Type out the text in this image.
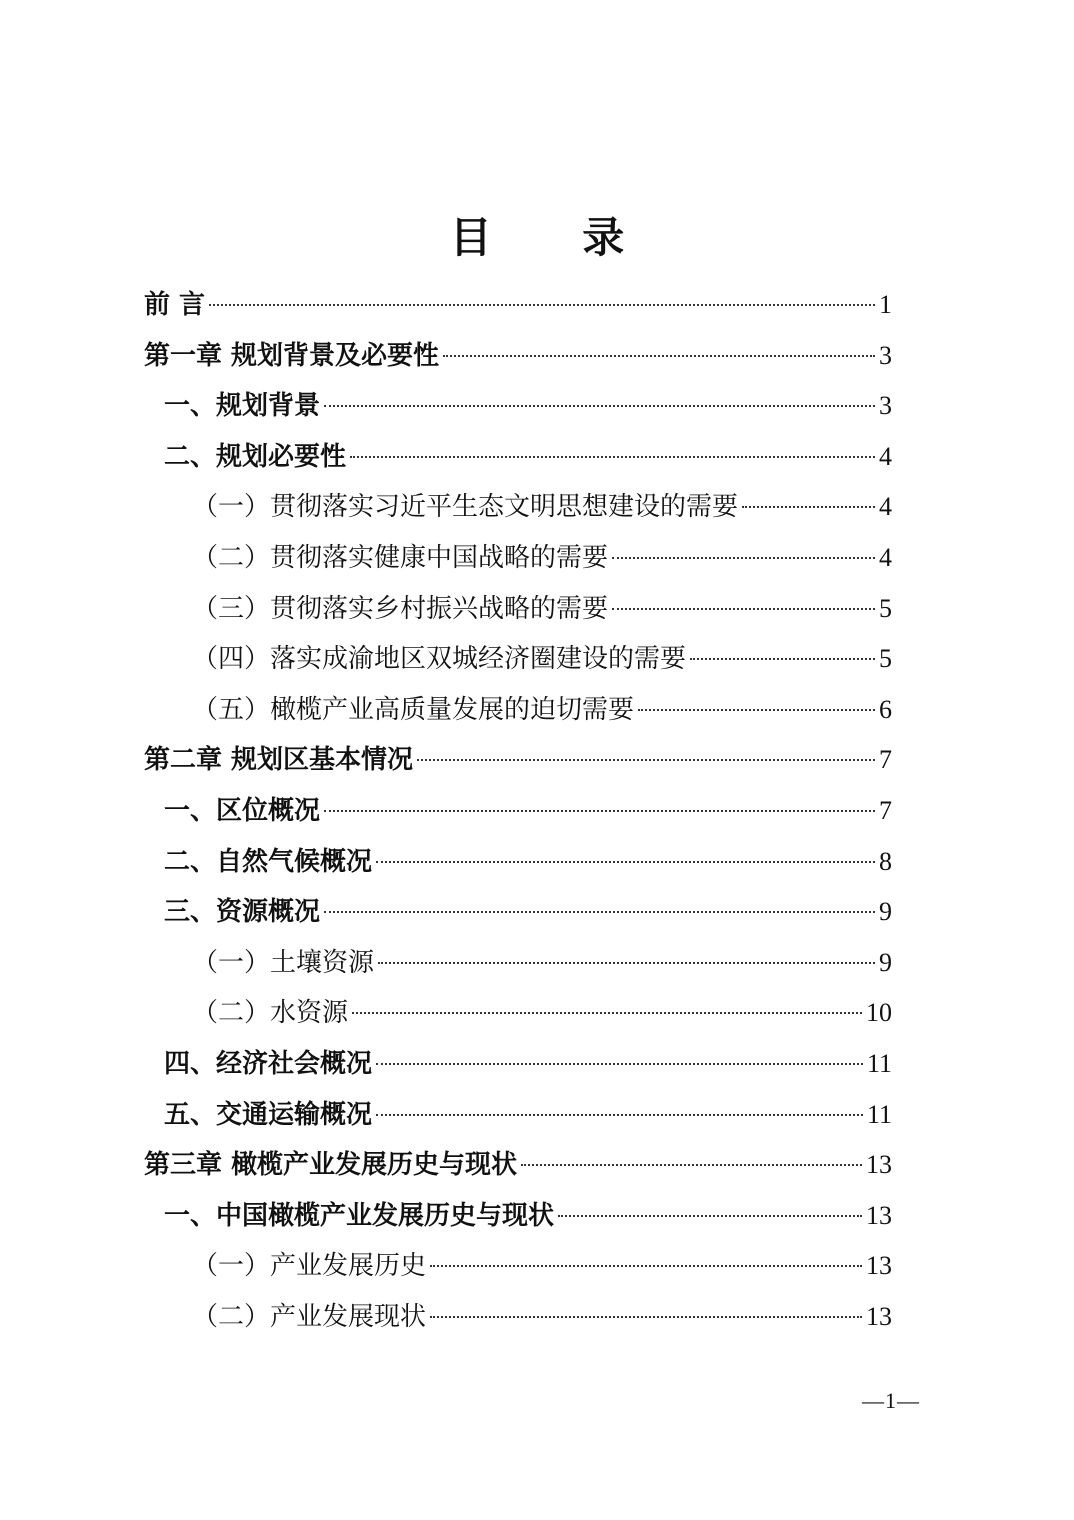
目 录
前 言	1
第一章 规划背景及必要性	3
一、规划背景	3
二、规划必要性	4
（一）贯彻落实习近平生态文明思想建设的需要	4
（二）贯彻落实健康中国战略的需要	4
（三）贯彻落实乡村振兴战略的需要	5
（四）落实成渝地区双城经济圈建设的需要	5
（五）橄榄产业高质量发展的迫切需要	6
第二章 规划区基本情况	7
一、区位概况	7
二、自然气候概况	8
三、资源概况	9
（一）土壤资源	9
（二）水资源	10
四、经济社会概况	11
五、交通运输概况	11
第三章 橄榄产业发展历史与现状	13
一、中国橄榄产业发展历史与现状	13
（一）产业发展历史	13
（二）产业发展现状	13
—1—
